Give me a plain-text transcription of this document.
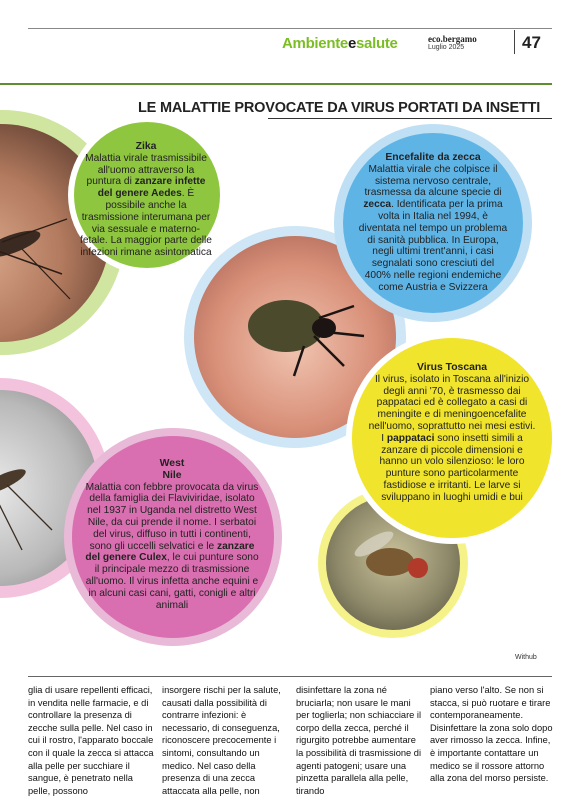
Ambienteesalute	eco.bergamo
Luglio 2025	47
LE MALATTIE PROVOCATE DA VIRUS PORTATI DA INSETTI
Zika
Malattia virale trasmissibile all'uomo attraverso la puntura di zanzare infette del genere Aedes. È possibile anche la trasmissione interumana per via sessuale e materno-fetale. La maggior parte delle infezioni rimane asintomatica
Encefalite da zecca
Malattia virale che colpisce il sistema nervoso centrale, trasmessa da alcune specie di zecca. Identificata per la prima volta in Italia nel 1994, è diventata nel tempo un problema di sanità pubblica. In Europa, negli ultimi trent'anni, i casi segnalati sono cresciuti del 400% nelle regioni endemiche come Austria e Svizzera
West
Nile
Malattia con febbre provocata da virus della famiglia dei Flaviviridae, isolato nel 1937 in Uganda nel distretto West Nile, da cui prende il nome. I serbatoi del virus, diffuso in tutti i continenti, sono gli uccelli selvatici e le zanzare del genere Culex, le cui punture sono il principale mezzo di trasmissione all'uomo. Il virus infetta anche equini e in alcuni casi cani, gatti, conigli e altri animali
Virus Toscana
Il virus, isolato in Toscana all'inizio degli anni '70, è trasmesso dai pappataci ed è collegato a casi di meningite e di meningoencefalite nell'uomo, soprattutto nei mesi estivi. I pappataci sono insetti simili a zanzare di piccole dimensioni e hanno un volo silenzioso: le loro punture sono particolarmente fastidiose e irritanti. Le larve si sviluppano in luoghi umidi e bui
Withub
glia di usare repellenti efficaci, in vendita nelle farmacie, e di controllare la presenza di zecche sulla pelle. Nel caso in cui il rostro, l'apparato boccale con il quale la zecca si attacca alla pelle per succhiare il sangue, è penetrato nella pelle, possono
insorgere rischi per la salute, causati dalla possibilità di contrarre infezioni: è necessario, di conseguenza, riconoscere precocemente i sintomi, consultando un medico. Nel caso della presenza di una zecca attaccata alla pelle, non
disinfettare la zona né bruciarla; non usare le mani per toglierla; non schiacciare il corpo della zecca, perché il rigurgito potrebbe aumentare la possibilità di trasmissione di agenti patogeni; usare una pinzetta parallela alla pelle, tirando
piano verso l'alto. Se non si stacca, si può ruotare e tirare contemporaneamente. Disinfettare la zona solo dopo aver rimosso la zecca. Infine, è importante contattare un medico se il rossore attorno alla zona del morso persiste.
